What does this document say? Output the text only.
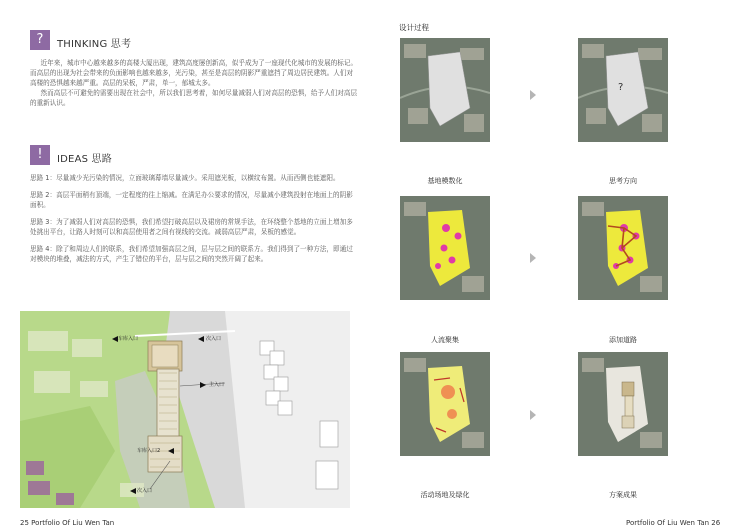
?	THINKING 思考

近年来，城市中心越来越多的高楼大厦出现，建筑高度屡创新高，似乎成为了一座现代化城市的发展的标记。而高层的出现为社会带来的负面影响也越来越多，光污染，甚至是高层的阴影严重遮挡了周边居民建筑。人们对高楼的恐惧越来越严重。高层的呆板，严肃，单一，郁城太多。

然而高层不可避免的需要出现在社会中，所以我们思考着，如何尽量减弱人们对高层的恐惧，给予人们对高层的重新认识。

!	IDEAS 思路

思路 1：尽量减少光污染的情况，立面玻璃幕墙尽量减少。采用遮光板，以横纹布置。从而西侧也能遮阳。

思路 2：高层平面稍有顶端，一定程度的往上缩减。在满足办公要求的情况，尽量减小建筑投射在地面上的阴影面积。

思路 3：为了减弱人们对高层的恐惧，我们希望打破高层以及裙房的常规手法，在环绕整个基地的立面上增加多处挑出平台，让路人时刻可以和高层使用者之间有视线的交流。减弱高层严肃，呆板的感觉。

思路 4：除了和周边人们的联系，我们希望加强高层之间，层与层之间的联系方。我们得到了一种方法，即通过对模块的堆叠，减法的方式，产生了错位的平台，层与层之间的突然开阔了起来。

车库入口	次入口
主入口
车库入口2
次入口
25 Portfolio Of Liu Wen Tan
设计过程
?
基地模数化	思考方向
人流聚集	添加道路
活动场地及绿化	方案成果
Portfolio Of Liu Wen Tan 26
